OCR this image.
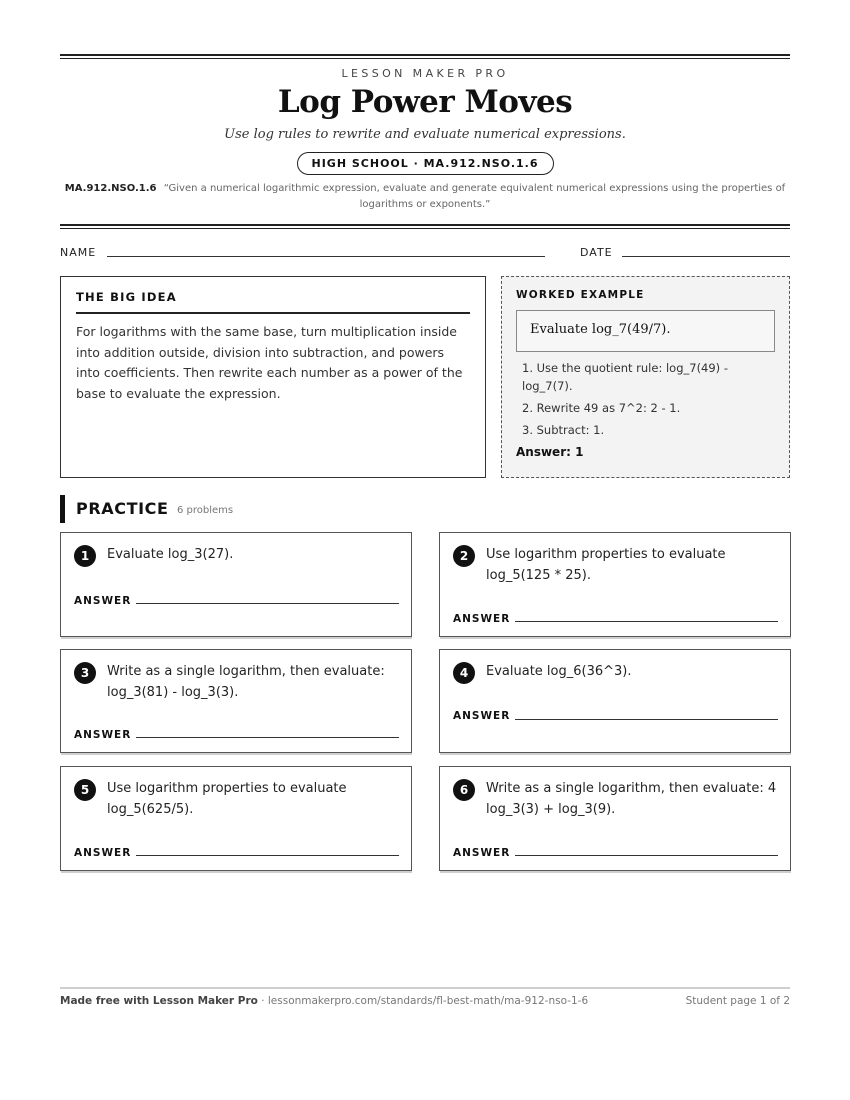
LESSON MAKER PRO
Log Power Moves
Use log rules to rewrite and evaluate numerical expressions.
HIGH SCHOOL · MA.912.NSO.1.6
MA.912.NSO.1.6 “Given a numerical logarithmic expression, evaluate and generate equivalent numerical expressions using the properties of logarithms or exponents.”
NAME	DATE
THE BIG IDEA

For logarithms with the same base, turn multiplication inside into addition outside, division into subtraction, and powers into coefficients. Then rewrite each number as a power of the base to evaluate the expression.

WORKED EXAMPLE
Evaluate log_7(49/7).
1. Use the quotient rule: log_7(49) - log_7(7).
2. Rewrite 49 as 7^2: 2 - 1.
3. Subtract: 1.
Answer: 1
PRACTICE 6 problems
1	Evaluate log_3(27).
ANSWER
2	Use logarithm properties to evaluate log_5(125 * 25).
ANSWER
3	Write as a single logarithm, then evaluate: log_3(81) - log_3(3).
ANSWER
4	Evaluate log_6(36^3).
ANSWER
5	Use logarithm properties to evaluate log_5(625/5).
ANSWER
6	Write as a single logarithm, then evaluate: 4 log_3(3) + log_3(9).
ANSWER
Made free with Lesson Maker Pro · lessonmakerpro.com/standards/fl-best-math/ma-912-nso-1-6	Student page 1 of 2
